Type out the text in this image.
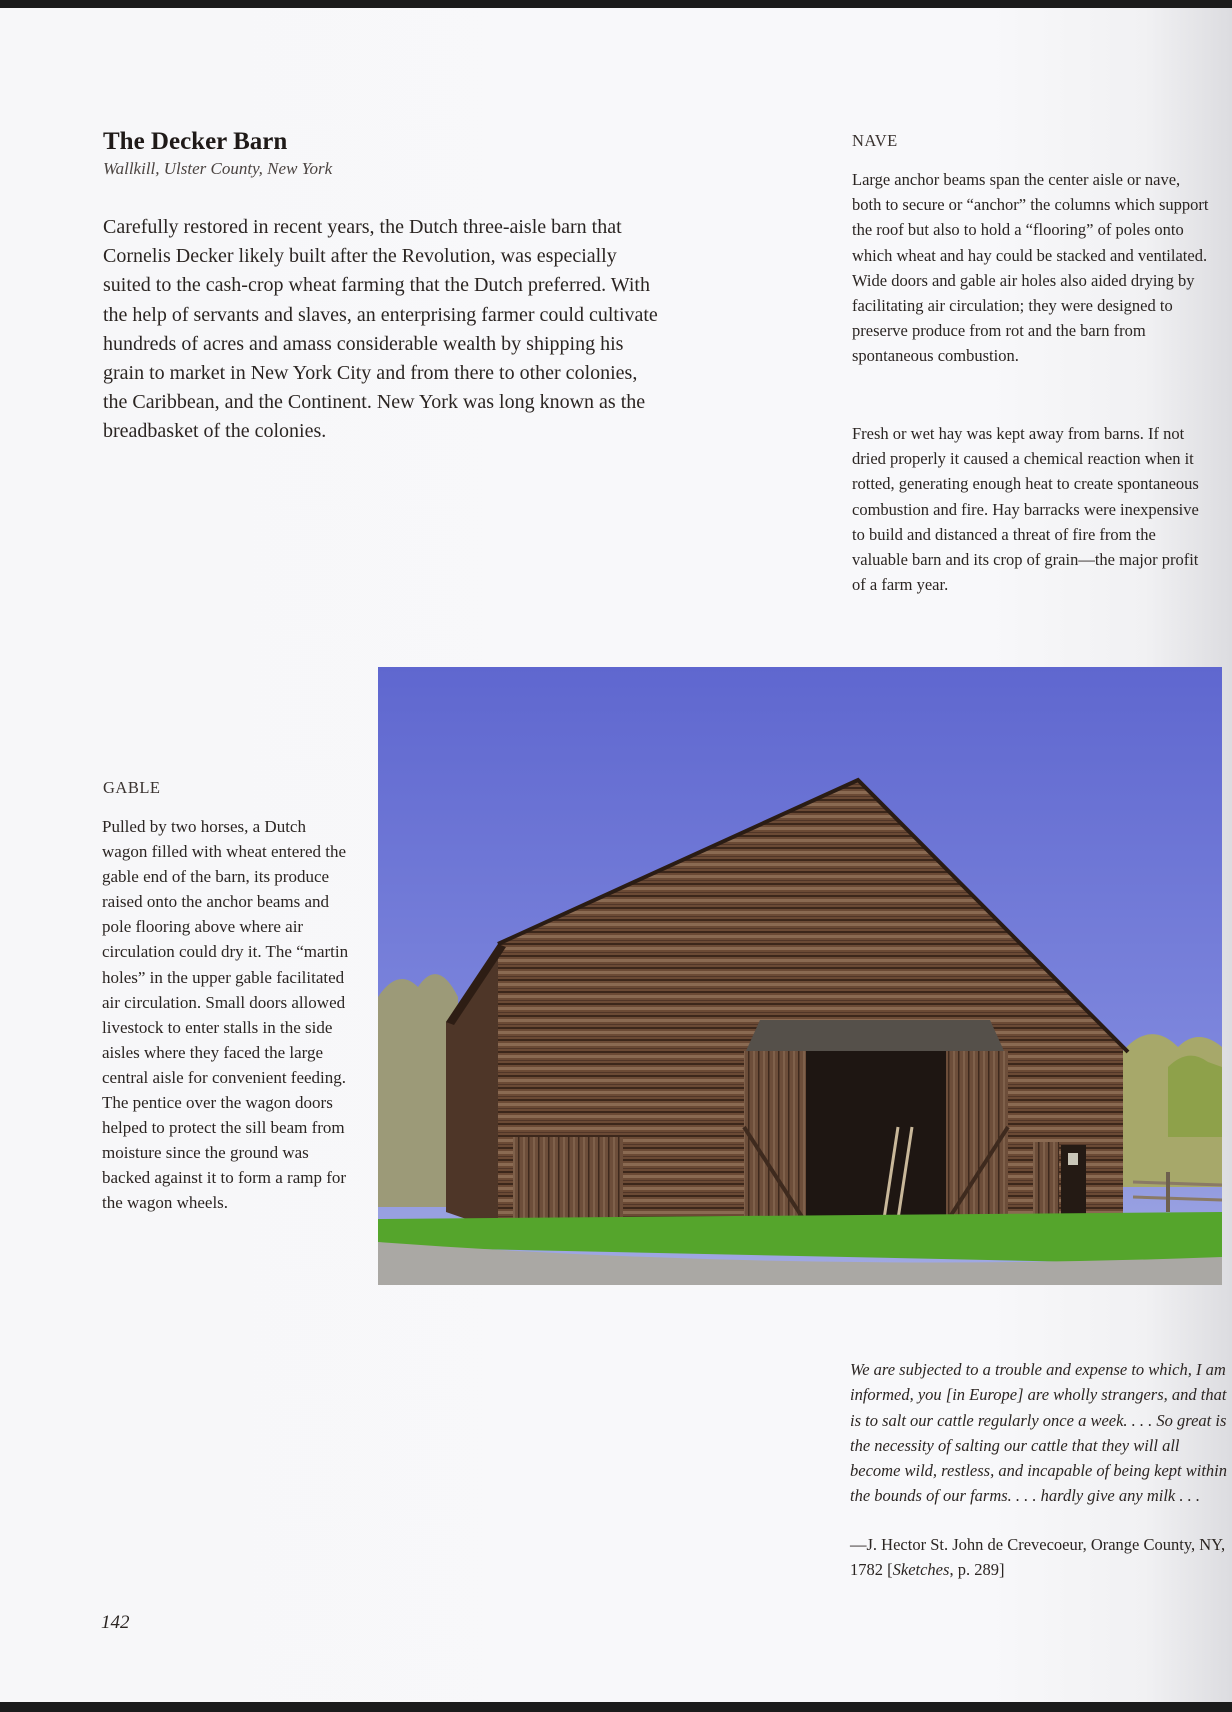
The Decker Barn
Wallkill, Ulster County, New York

Carefully restored in recent years, the Dutch three-aisle barn that Cornelis Decker likely built after the Revolution, was especially suited to the cash-crop wheat farming that the Dutch preferred. With the help of servants and slaves, an enterprising farmer could cultivate hundreds of acres and amass considerable wealth by shipping his grain to market in New York City and from there to other colonies, the Caribbean, and the Continent. New York was long known as the breadbasket of the colonies.

NAVE

Large anchor beams span the center aisle or nave, both to secure or “anchor” the columns which support the roof but also to hold a “flooring” of poles onto which wheat and hay could be stacked and ventilated. Wide doors and gable air holes also aided drying by facilitating air circulation; they were designed to preserve produce from rot and the barn from spontaneous combustion.

Fresh or wet hay was kept away from barns. If not dried properly it caused a chemical reaction when it rotted, generating enough heat to create spontaneous combustion and fire. Hay barracks were inexpensive to build and distanced a threat of fire from the valuable barn and its crop of grain—the major profit of a farm year.

GABLE

Pulled by two horses, a Dutch wagon filled with wheat entered the gable end of the barn, its produce raised onto the anchor beams and pole flooring above where air circulation could dry it. The “martin holes” in the upper gable facilitated air circulation. Small doors allowed livestock to enter stalls in the side aisles where they faced the large central aisle for convenient feeding. The pentice over the wagon doors helped to protect the sill beam from moisture since the ground was backed against it to form a ramp for the wagon wheels.

We are subjected to a trouble and expense to which, I am informed, you [in Europe] are wholly strangers, and that is to salt our cattle regularly once a week. . . . So great is the necessity of salting our cattle that they will all become wild, restless, and incapable of being kept within the bounds of our farms. . . . hardly give any milk . . .

—J. Hector St. John de Crevecoeur, Orange County, NY, 1782 [Sketches, p. 289]

142
